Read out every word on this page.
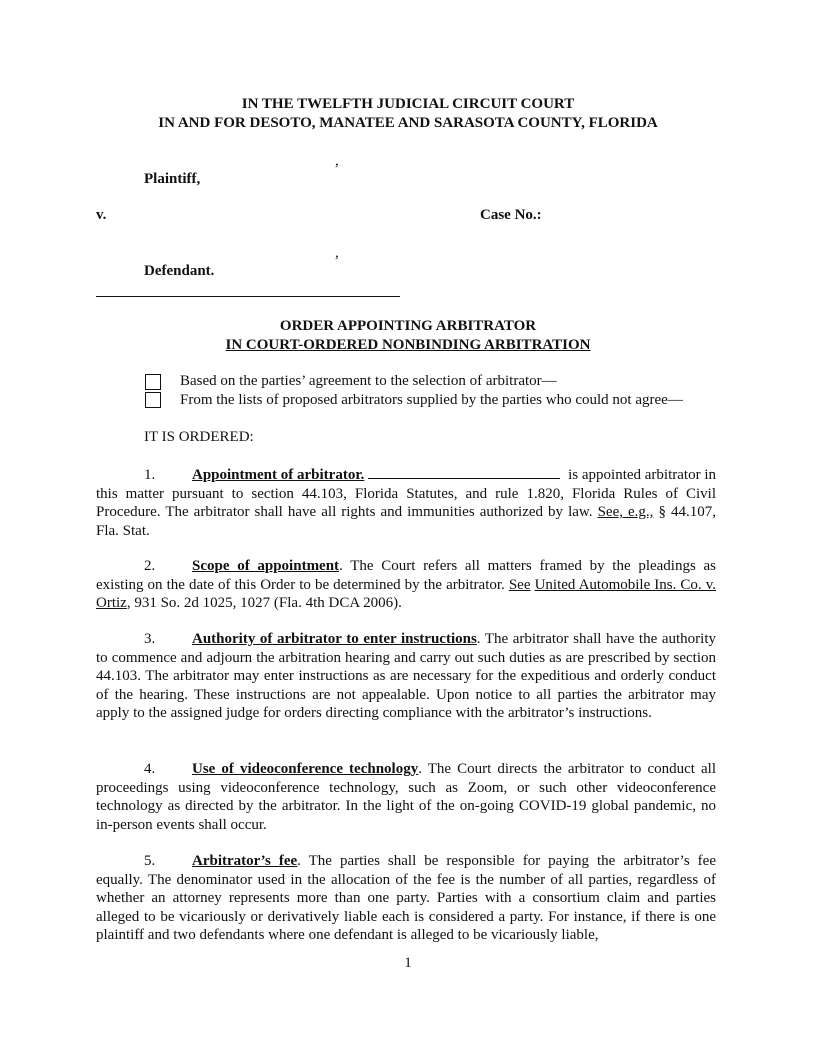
IN THE TWELFTH JUDICIAL CIRCUIT COURT
IN AND FOR DESOTO, MANATEE AND SARASOTA COUNTY, FLORIDA
,
Plaintiff,
v.	Case No.:
,
Defendant.
ORDER APPOINTING ARBITRATOR
IN COURT-ORDERED NONBINDING ARBITRATION
Based on the parties’ agreement to the selection of arbitrator—
From the lists of proposed arbitrators supplied by the parties who could not agree—
IT IS ORDERED:

1. Appointment of arbitrator.	is appointed arbitrator in this matter pursuant to section 44.103, Florida Statutes, and rule 1.820, Florida Rules of Civil Procedure. The arbitrator shall have all rights and immunities authorized by law. See, e.g., § 44.107, Fla. Stat.

2. Scope of appointment. The Court refers all matters framed by the pleadings as existing on the date of this Order to be determined by the arbitrator. See United Automobile Ins. Co. v. Ortiz, 931 So. 2d 1025, 1027 (Fla. 4th DCA 2006).

3. Authority of arbitrator to enter instructions. The arbitrator shall have the authority to commence and adjourn the arbitration hearing and carry out such duties as are prescribed by section 44.103. The arbitrator may enter instructions as are necessary for the expeditious and orderly conduct of the hearing. These instructions are not appealable. Upon notice to all parties the arbitrator may apply to the assigned judge for orders directing compliance with the arbitrator’s instructions.

4. Use of videoconference technology. The Court directs the arbitrator to conduct all proceedings using videoconference technology, such as Zoom, or such other videoconference technology as directed by the arbitrator. In the light of the on-going COVID-19 global pandemic, no in-person events shall occur.

5. Arbitrator’s fee. The parties shall be responsible for paying the arbitrator’s fee equally. The denominator used in the allocation of the fee is the number of all parties, regardless of whether an attorney represents more than one party. Parties with a consortium claim and parties alleged to be vicariously or derivatively liable each is considered a party. For instance, if there is one plaintiff and two defendants where one defendant is alleged to be vicariously liable,

1
